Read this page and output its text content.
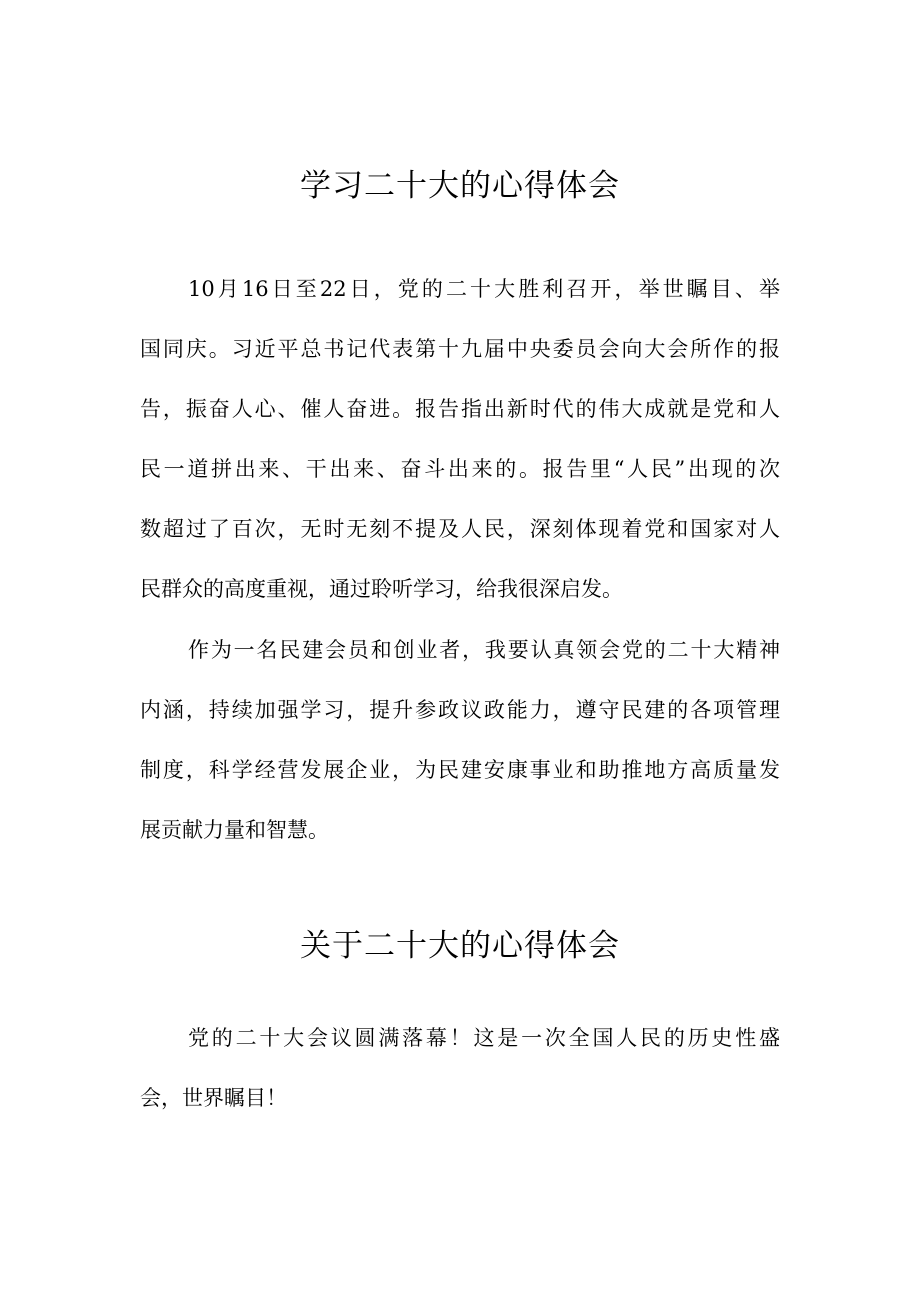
学习二十大的心得体会
10月16日至22日，党的二十大胜利召开，举世瞩目、举
国同庆。习近平总书记代表第十九届中央委员会向大会所作的报
告，振奋人心、催人奋进。报告指出新时代的伟大成就是党和人
民一道拼出来、干出来、奋斗出来的。报告里“人民”出现的次
数超过了百次，无时无刻不提及人民，深刻体现着党和国家对人
民群众的高度重视，通过聆听学习，给我很深启发。
作为一名民建会员和创业者，我要认真领会党的二十大精神
内涵，持续加强学习，提升参政议政能力，遵守民建的各项管理
制度，科学经营发展企业，为民建安康事业和助推地方高质量发
展贡献力量和智慧。
关于二十大的心得体会
党的二十大会议圆满落幕！这是一次全国人民的历史性盛
会，世界瞩目！
